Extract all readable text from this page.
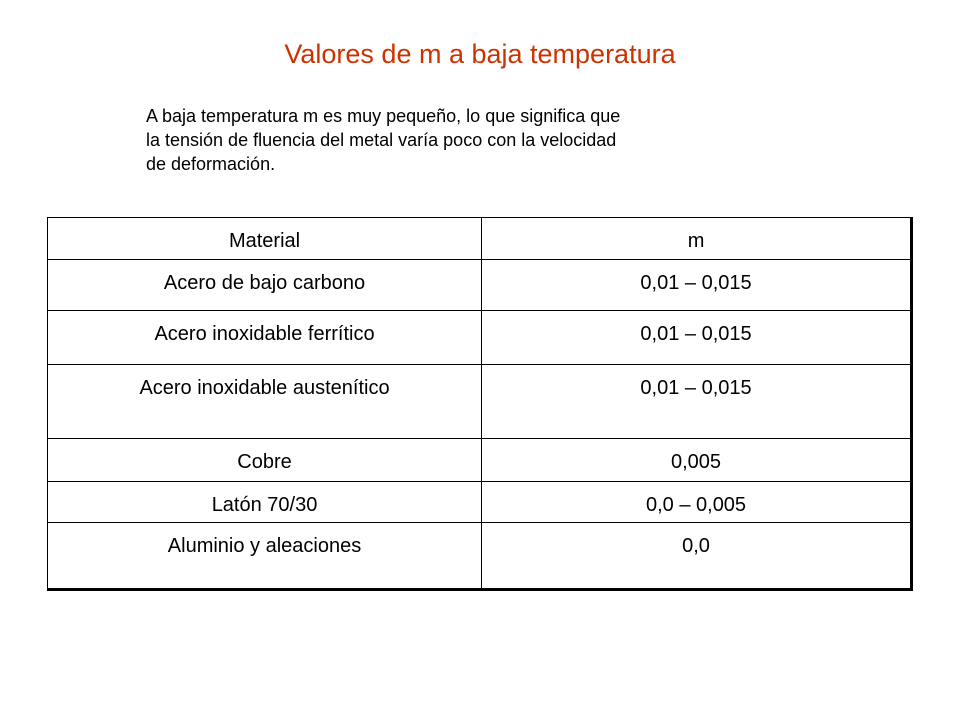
Valores de m a baja temperatura

A baja temperatura m es muy pequeño, lo que significa que
la tensión de fluencia del metal varía poco con la velocidad
de deformación.

Material	m
Acero de bajo carbono	0,01 – 0,015
Acero inoxidable ferrítico	0,01 – 0,015
Acero inoxidable austenítico	0,01 – 0,015
Cobre	0,005
Latón 70/30	0,0 – 0,005
Aluminio y aleaciones	0,0
